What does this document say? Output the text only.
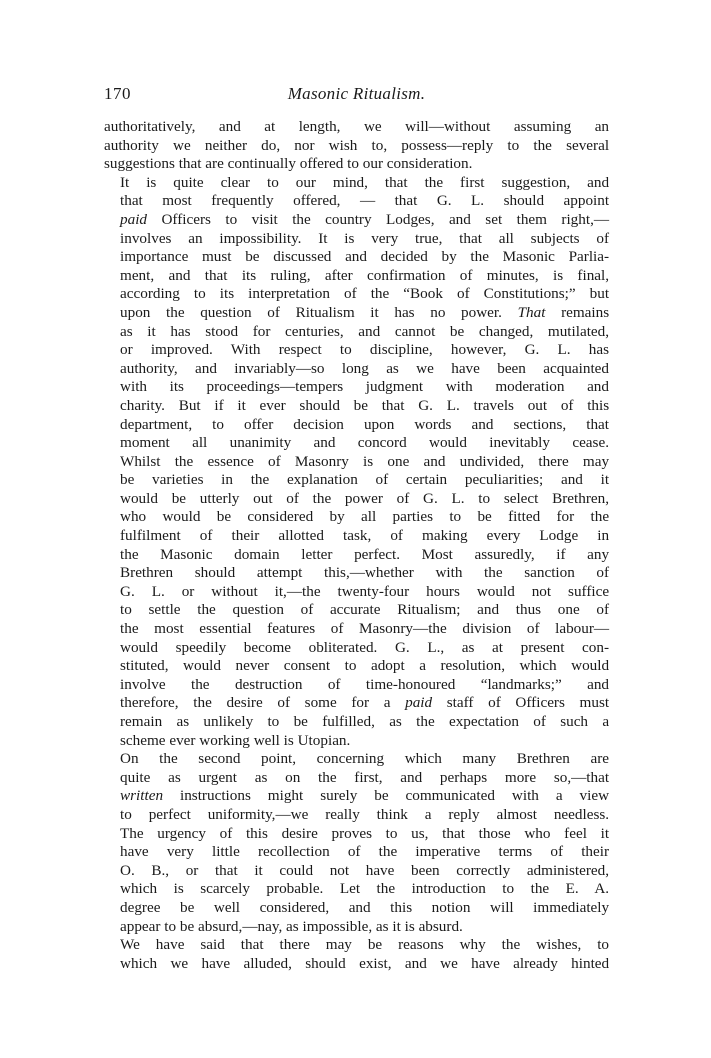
170	Masonic Ritualism.

authoritatively, and at length, we will—without assuming an
authority we neither do, nor wish to, possess—reply to the several
suggestions that are continually offered to our consideration.

It is quite clear to our mind, that the first suggestion, and
that most frequently offered, — that G. L. should appoint
paid Officers to visit the country Lodges, and set them right,—
involves an impossibility. It is very true, that all subjects of
importance must be discussed and decided by the Masonic Parlia-
ment, and that its ruling, after confirmation of minutes, is final,
according to its interpretation of the “Book of Constitutions;” but
upon the question of Ritualism it has no power. That remains
as it has stood for centuries, and cannot be changed, mutilated,
or improved. With respect to discipline, however, G. L. has
authority, and invariably—so long as we have been acquainted
with its proceedings—tempers judgment with moderation and
charity. But if it ever should be that G. L. travels out of this
department, to offer decision upon words and sections, that
moment all unanimity and concord would inevitably cease.
Whilst the essence of Masonry is one and undivided, there may
be varieties in the explanation of certain peculiarities; and it
would be utterly out of the power of G. L. to select Brethren,
who would be considered by all parties to be fitted for the
fulfilment of their allotted task, of making every Lodge in
the Masonic domain letter perfect. Most assuredly, if any
Brethren should attempt this,—whether with the sanction of
G. L. or without it,—the twenty-four hours would not suffice
to settle the question of accurate Ritualism; and thus one of
the most essential features of Masonry—the division of labour—
would speedily become obliterated. G. L., as at present con-
stituted, would never consent to adopt a resolution, which would
involve the destruction of time-honoured “landmarks;” and
therefore, the desire of some for a paid staff of Officers must
remain as unlikely to be fulfilled, as the expectation of such a
scheme ever working well is Utopian.

On the second point, concerning which many Brethren are
quite as urgent as on the first, and perhaps more so,—that
written instructions might surely be communicated with a view
to perfect uniformity,—we really think a reply almost needless.
The urgency of this desire proves to us, that those who feel it
have very little recollection of the imperative terms of their
O. B., or that it could not have been correctly administered,
which is scarcely probable. Let the introduction to the E. A.
degree be well considered, and this notion will immediately
appear to be absurd,—nay, as impossible, as it is absurd.

We have said that there may be reasons why the wishes, to
which we have alluded, should exist, and we have already hinted
